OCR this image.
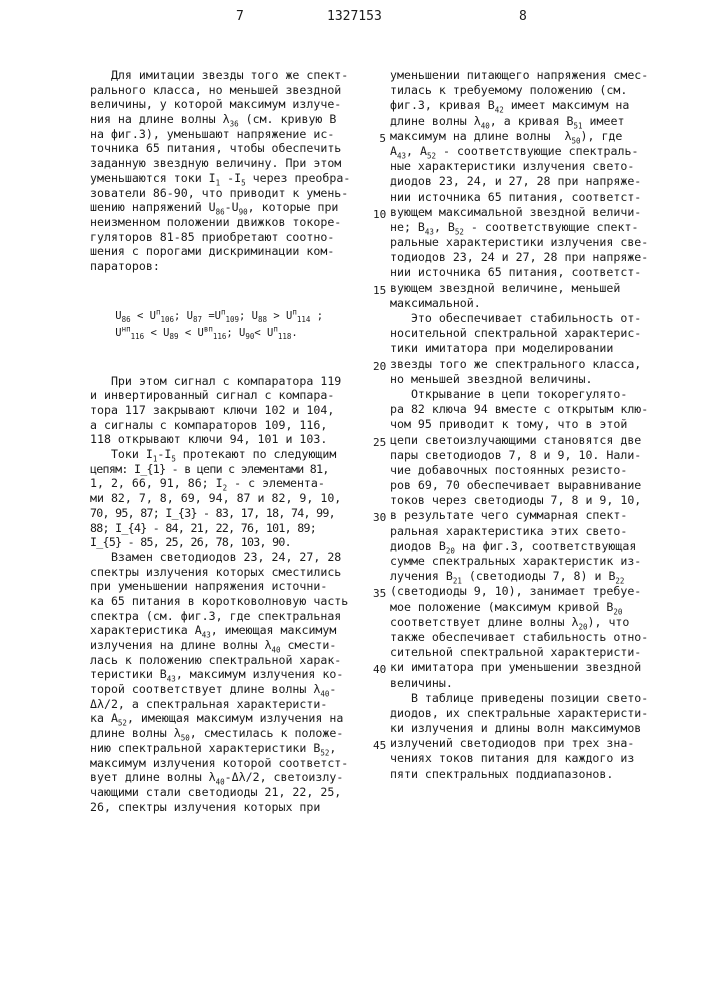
7	1327153	8

Для имитации звезды того же спект-
рального класса, но меньшей звездной
величины, у которой максимум излуче-
ния на длине волны λ36 (см. кривую В
на фиг.3), уменьшают напряжение ис-
точника 65 питания, чтобы обеспечить
заданную звездную величину. При этом
уменьшаются токи I1 -I5 через преобра-
зователи 86-90, что приводит к умень-
шению напряжений U86-U90, которые при
неизменном положении движков токоре-
гуляторов 81-85 приобретают соотно-
шения с порогами дискриминации ком-
параторов:

U86 < Uп106; U87 =Uп109; U88 > Uп114 ;
Uнп116 < U89 < Uвп116; U90< Uп118.

При этом сигнал с компаратора 119
и инвертированный сигнал с компара-
тора 117 закрывают ключи 102 и 104,
а сигналы с компараторов 109, 116,
118 открывают ключи 94, 101 и 103.
Токи I1-I5 протекают по следующим
цепям: I_{1} - в цепи с элементами 81,
1, 2, 66, 91, 86; I2 - с элемента-
ми 82, 7, 8, 69, 94, 87 и 82, 9, 10,
70, 95, 87; I_{3} - 83, 17, 18, 74, 99,
88; I_{4} - 84, 21, 22, 76, 101, 89;
I_{5} - 85, 25, 26, 78, 103, 90.
Взамен светодиодов 23, 24, 27, 28
спектры излучения которых сместились
при уменьшении напряжения источни-
ка 65 питания в коротковолновую часть
спектра (см. фиг.3, где спектральная
характеристика A43, имеющая максимум
излучения на длине волны λ40 смести-
лась к положению спектральной харак-
теристики B43, максимум излучения ко-
торой соответствует длине волны λ40-
Δλ/2, а спектральная характеристи-
ка A52, имеющая максимум излучения на
длине волны λ50, сместилась к положе-
нию спектральной характеристики B52,
максимум излучения которой соответст-
вует длине волны λ40-Δλ/2, светоизлу-
чающими стали светодиоды 21, 22, 25,
26, спектры излучения которых при

уменьшении питающего напряжения смес-
тилась к требуемому положению (см.
фиг.3, кривая B42 имеет максимум на
длине волны λ40, а кривая B51 имеет
максимум на длине волны  λ50), где
5
A43, A52 - соответствующие спектраль-
ные характеристики излучения свето-
диодов 23, 24, и 27, 28 при напряже-
нии источника 65 питания, соответст-
вующем максимальной звездной величи-
10
не; B43, B52 - соответствующие спект-
ральные характеристики излучения све-
тодиодов 23, 24 и 27, 28 при напряже-
нии источника 65 питания, соответст-
вующем звездной величине, меньшей
15
максимальной.
Это обеспечивает стабильность от-
носительной спектральной характерис-
тики имитатора при моделировании
звезды того же спектрального класса,
20
но меньшей звездной величины.
Открывание в цепи токорегулято-
ра 82 ключа 94 вместе с открытым клю-
чом 95 приводит к тому, что в этой
цепи светоизлучающими становятся две
25
пары светодиодов 7, 8 и 9, 10. Нали-
чие добавочных постоянных резисто-
ров 69, 70 обеспечивает выравнивание
токов через светодиоды 7, 8 и 9, 10,
в результате чего суммарная спект-
30
ральная характеристика этих свето-
диодов B20 на фиг.3, соответствующая
сумме спектральных характеристик из-
лучения B21 (светодиоды 7, 8) и B22
(светодиоды 9, 10), занимает требуе-
35
мое положение (максимум кривой B20
соответствует длине волны λ20), что
также обеспечивает стабильность отно-
сительной спектральной характеристи-
ки имитатора при уменьшении звездной
40
величины.
В таблице приведены позиции свето-
диодов, их спектральные характеристи-
ки излучения и длины волн максимумов
излучений светодиодов при трех зна-
45
чениях токов питания для каждого из
пяти спектральных поддиапазонов.
